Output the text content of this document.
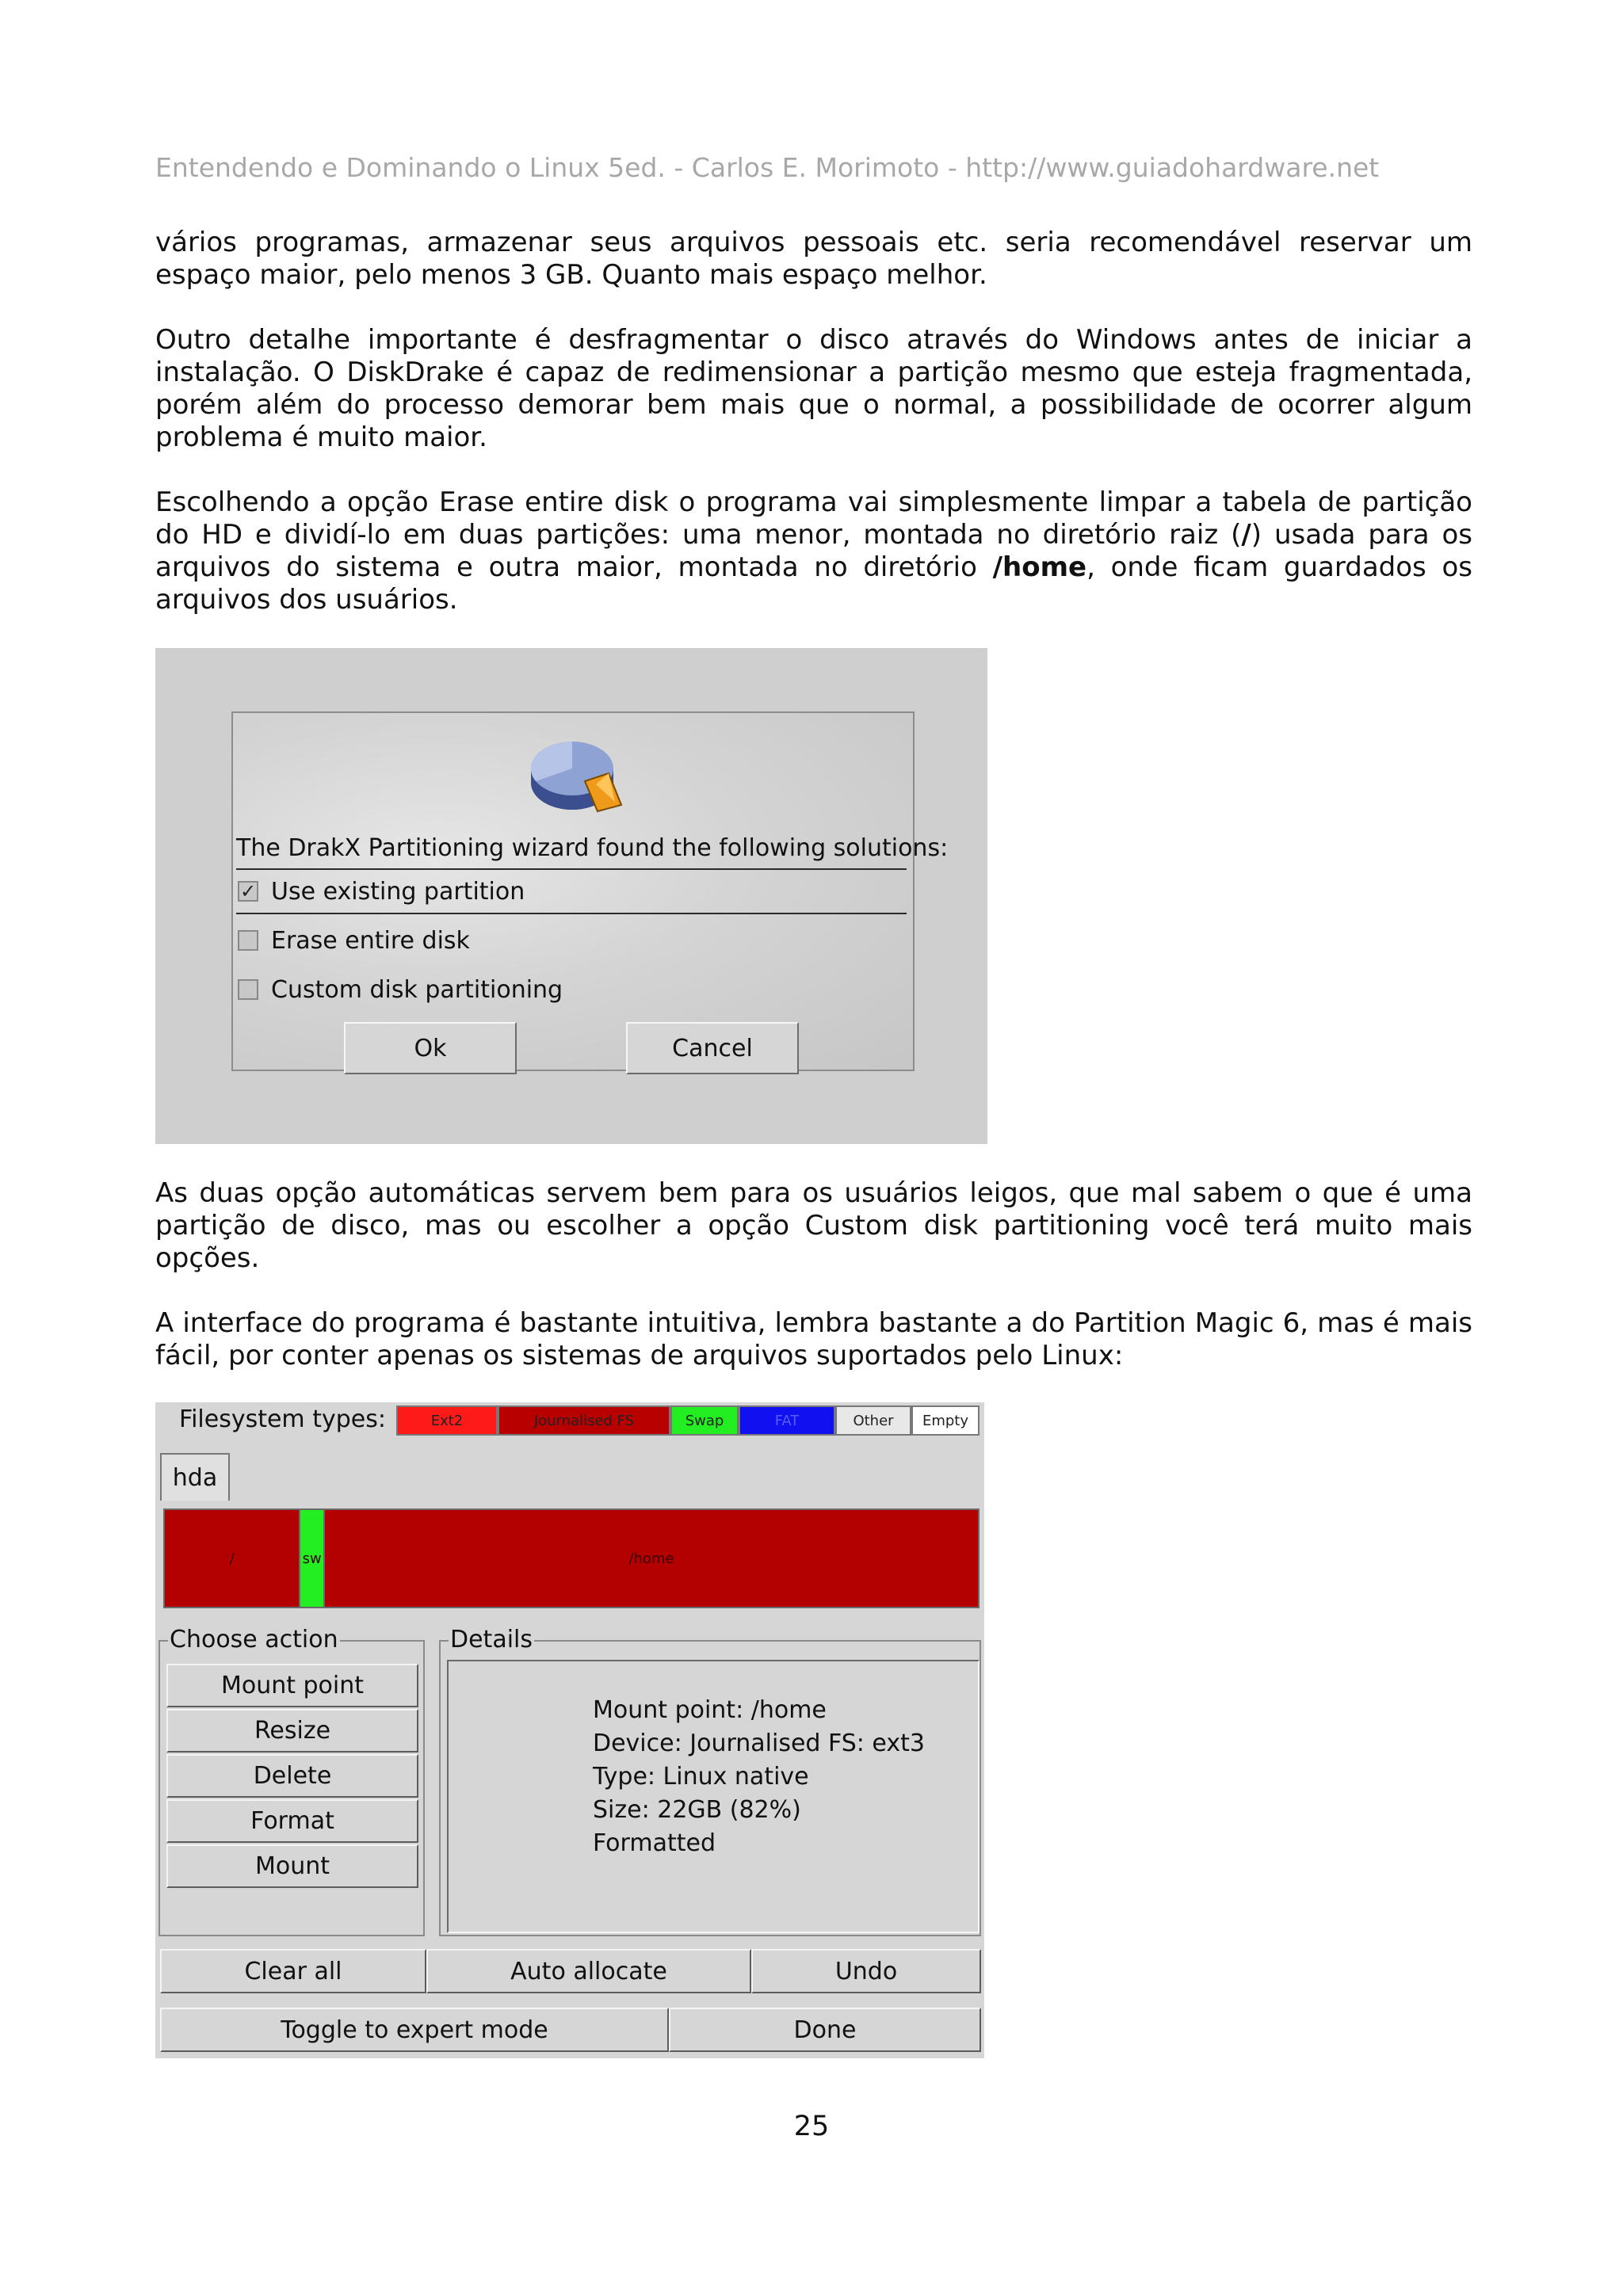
Entendendo e Dominando o Linux 5ed. - Carlos E. Morimoto - http://www.guiadohardware.net

vários programas, armazenar seus arquivos pessoais etc. seria recomendável reservar um espaço maior, pelo menos 3 GB. Quanto mais espaço melhor.

Outro detalhe importante é desfragmentar o disco através do Windows antes de iniciar a instalação. O DiskDrake é capaz de redimensionar a partição mesmo que esteja fragmentada, porém além do processo demorar bem mais que o normal, a possibilidade de ocorrer algum problema é muito maior.

Escolhendo a opção Erase entire disk o programa vai simplesmente limpar a tabela de partição do HD e dividí-lo em duas partições: uma menor, montada no diretório raiz (/) usada para os arquivos do sistema e outra maior, montada no diretório /home, onde ficam guardados os arquivos dos usuários.

The DrakX Partitioning wizard found the following solutions:
✓ Use existing partition
Erase entire disk
Custom disk partitioning
Ok	Cancel

As duas opção automáticas servem bem para os usuários leigos, que mal sabem o que é uma partição de disco, mas ou escolher a opção Custom disk partitioning você terá muito mais opções.

A interface do programa é bastante intuitiva, lembra bastante a do Partition Magic 6, mas é mais fácil, por conter apenas os sistemas de arquivos suportados pelo Linux:

Filesystem types:	Ext2	Journalised FS	Swap	FAT	Other	Empty
hda
/	sw	/home
Choose action
Mount point
Resize
Delete
Format
Mount
Details
Mount point: /home
Device: Journalised FS: ext3
Type: Linux native
Size: 22GB (82%)
Formatted
Clear all	Auto allocate	Undo
Toggle to expert mode	Done
25
